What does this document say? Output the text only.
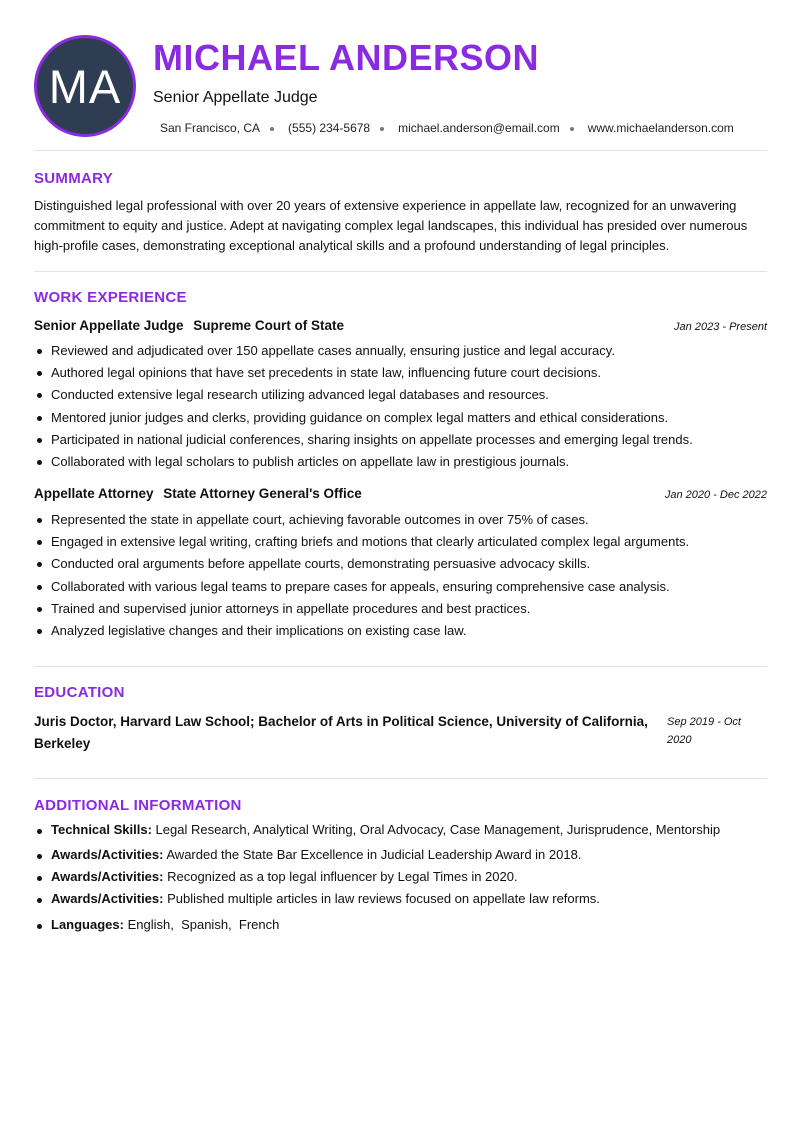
MA
MICHAEL ANDERSON
Senior Appellate Judge
San Francisco, CA (555) 234-5678 michael.anderson@email.com www.michaelanderson.com
SUMMARY

Distinguished legal professional with over 20 years of extensive experience in appellate law, recognized for an unwavering commitment to equity and justice. Adept at navigating complex legal landscapes, this individual has presided over numerous high-profile cases, demonstrating exceptional analytical skills and a profound understanding of legal principles.

WORK EXPERIENCE
Senior Appellate Judge Supreme Court of State	Jan 2023 - Present
Reviewed and adjudicated over 150 appellate cases annually, ensuring justice and legal accuracy.
Authored legal opinions that have set precedents in state law, influencing future court decisions.
Conducted extensive legal research utilizing advanced legal databases and resources.
Mentored junior judges and clerks, providing guidance on complex legal matters and ethical considerations.
Participated in national judicial conferences, sharing insights on appellate processes and emerging legal trends.
Collaborated with legal scholars to publish articles on appellate law in prestigious journals.
Appellate Attorney State Attorney General's Office	Jan 2020 - Dec 2022
Represented the state in appellate court, achieving favorable outcomes in over 75% of cases.
Engaged in extensive legal writing, crafting briefs and motions that clearly articulated complex legal arguments.
Conducted oral arguments before appellate courts, demonstrating persuasive advocacy skills.
Collaborated with various legal teams to prepare cases for appeals, ensuring comprehensive case analysis.
Trained and supervised junior attorneys in appellate procedures and best practices.
Analyzed legislative changes and their implications on existing case law.
EDUCATION
Juris Doctor, Harvard Law School; Bachelor of Arts in Political Science, University of California, Berkeley
Sep 2019 - Oct 2020
ADDITIONAL INFORMATION
Technical Skills: Legal Research, Analytical Writing, Oral Advocacy, Case Management, Jurisprudence, Mentorship
Awards/Activities: Awarded the State Bar Excellence in Judicial Leadership Award in 2018.
Awards/Activities: Recognized as a top legal influencer by Legal Times in 2020.
Awards/Activities: Published multiple articles in law reviews focused on appellate law reforms.
Languages: English,  Spanish,  French
